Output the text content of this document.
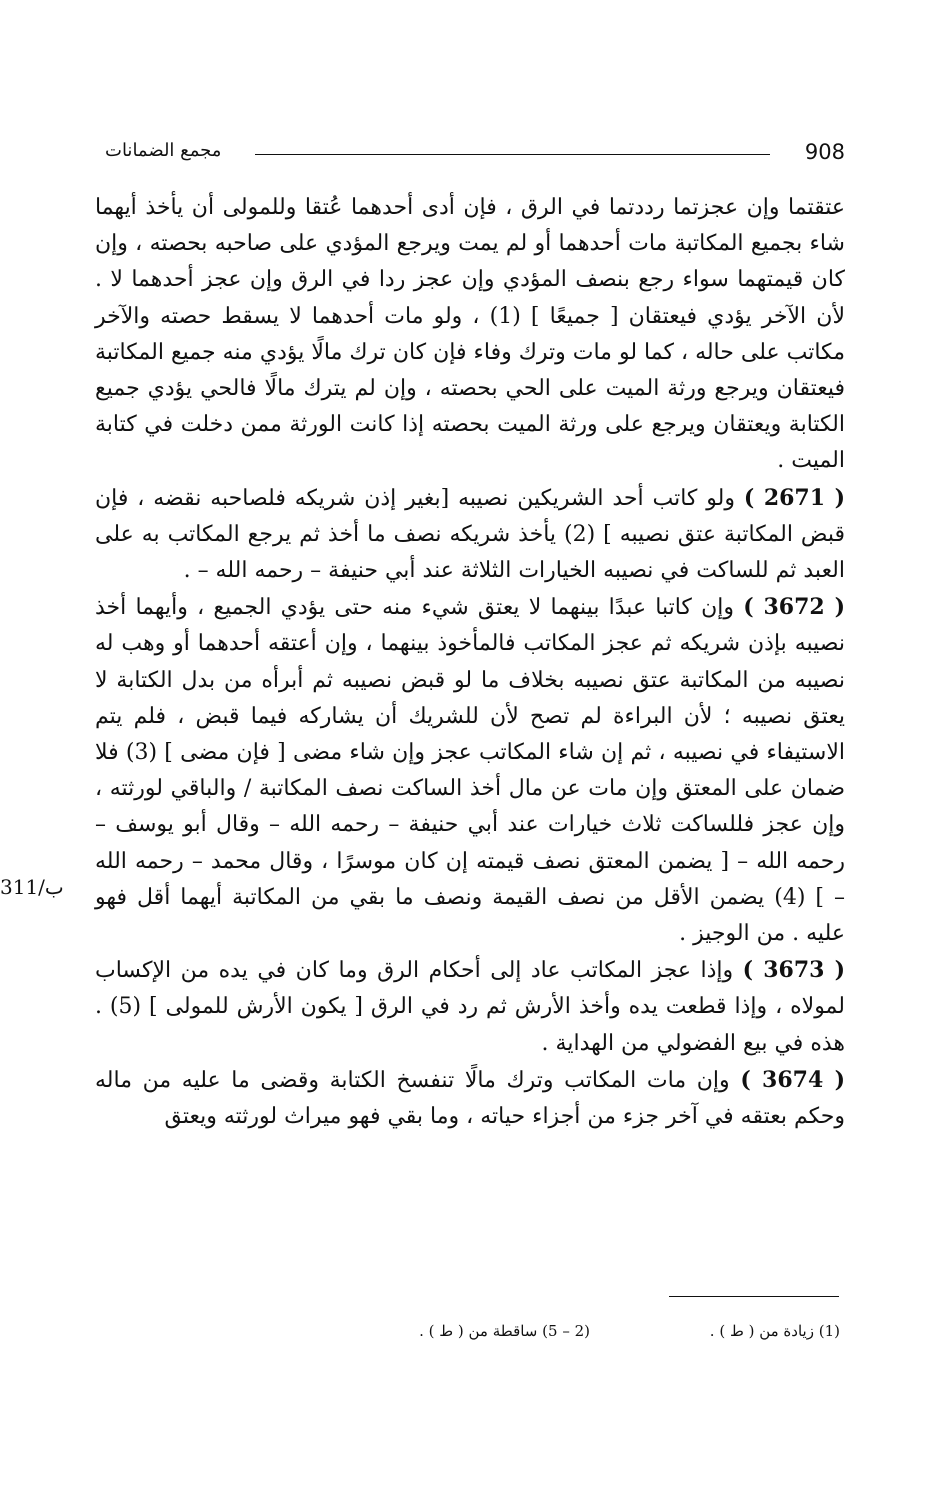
مجمع الضمانات	908
311/ب

عتقتما وإن عجزتما رددتما في الرق ، فإن أدى أحدهما عُتقا وللمولى أن يأخذ أيهما شاء بجميع المكاتبة مات أحدهما أو لم يمت ويرجع المؤدي على صاحبه بحصته ، وإن كان قيمتهما سواء رجع بنصف المؤدي وإن عجز ردا في الرق وإن عجز أحدهما لا . لأن الآخر يؤدي فيعتقان [ جميعًا ] (1) ، ولو مات أحدهما لا يسقط حصته والآخر مكاتب على حاله ، كما لو مات وترك وفاء فإن كان ترك مالًا يؤدي منه جميع المكاتبة فيعتقان ويرجع ورثة الميت على الحي بحصته ، وإن لم يترك مالًا فالحي يؤدي جميع الكتابة ويعتقان ويرجع على ورثة الميت بحصته إذا كانت الورثة ممن دخلت في كتابة الميت .

( 2671 ) ولو كاتب أحد الشريكين نصيبه [بغير إذن شريكه فلصاحبه نقضه ، فإن قبض المكاتبة عتق نصيبه ] (2) يأخذ شريكه نصف ما أخذ ثم يرجع المكاتب به على العبد ثم للساكت في نصيبه الخيارات الثلاثة عند أبي حنيفة – رحمه الله – .

( 3672 ) وإن كاتبا عبدًا بينهما لا يعتق شيء منه حتى يؤدي الجميع ، وأيهما أخذ نصيبه بإذن شريكه ثم عجز المكاتب فالمأخوذ بينهما ، وإن أعتقه أحدهما أو وهب له نصيبه من المكاتبة عتق نصيبه بخلاف ما لو قبض نصيبه ثم أبرأه من بدل الكتابة لا يعتق نصيبه ؛ لأن البراءة لم تصح لأن للشريك أن يشاركه فيما قبض ، فلم يتم الاستيفاء في نصيبه ، ثم إن شاء المكاتب عجز وإن شاء مضى [ فإن مضى ] (3) فلا ضمان على المعتق وإن مات عن مال أخذ الساكت نصف المكاتبة / والباقي لورثته ، وإن عجز فللساكت ثلاث خيارات عند أبي حنيفة – رحمه الله – وقال أبو يوسف – رحمه الله – [ يضمن المعتق نصف قيمته إن كان موسرًا ، وقال محمد – رحمه الله – ] (4) يضمن الأقل من نصف القيمة ونصف ما بقي من المكاتبة أيهما أقل فهو عليه . من الوجيز .

( 3673 ) وإذا عجز المكاتب عاد إلى أحكام الرق وما كان في يده من الإكساب لمولاه ، وإذا قطعت يده وأخذ الأرش ثم رد في الرق [ يكون الأرش للمولى ] (5) . هذه في بيع الفضولي من الهداية .

( 3674 ) وإن مات المكاتب وترك مالًا تنفسخ الكتابة وقضى ما عليه من ماله وحكم بعتقه في آخر جزء من أجزاء حياته ، وما بقي فهو ميراث لورثته ويعتق

(1) زيادة من ( ط ) .
(2 – 5) ساقطة من ( ط ) .
